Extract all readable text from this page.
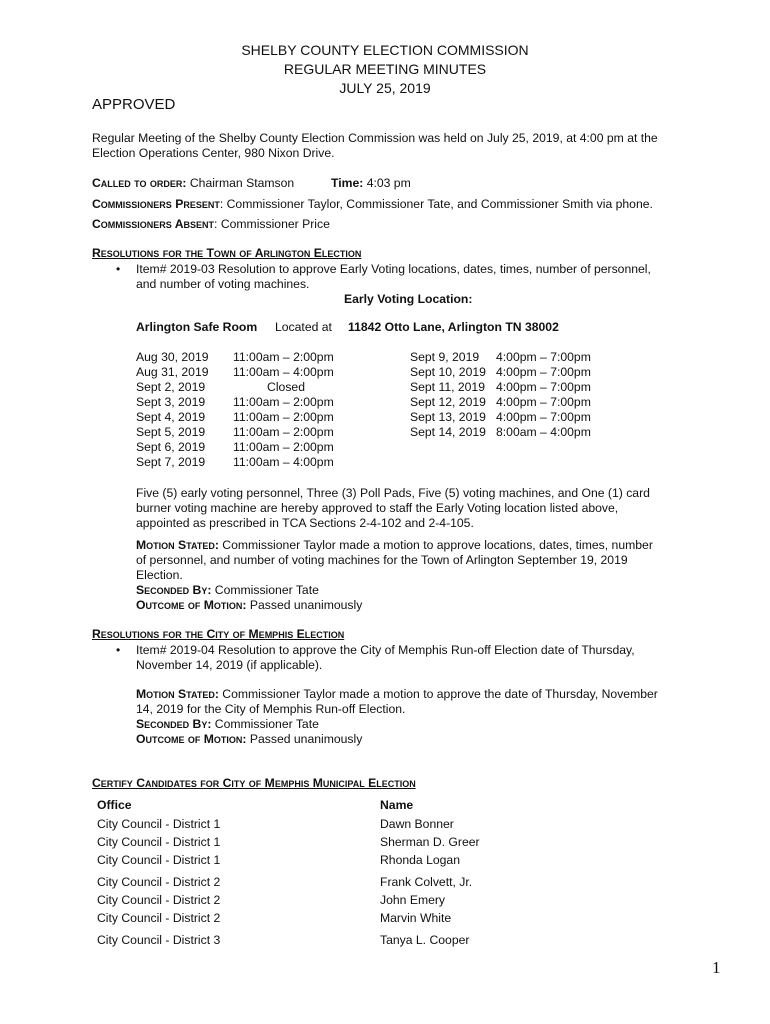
SHELBY COUNTY ELECTION COMMISSION
REGULAR MEETING MINUTES
JULY 25, 2019
APPROVED
Regular Meeting of the Shelby County Election Commission was held on July 25, 2019, at 4:00 pm at the
Election Operations Center, 980 Nixon Drive.
Called to order: Chairman Stamson	Time: 4:03 pm
Commissioners Present: Commissioner Taylor, Commissioner Tate, and Commissioner Smith via phone.
Commissioners Absent: Commissioner Price
Resolutions for the Town of Arlington Election
• Item# 2019-03 Resolution to approve Early Voting locations, dates, times, number of personnel,
and number of voting machines.
Early Voting Location:
Arlington Safe Room Located at 11842 Otto Lane, Arlington TN 38002
Aug 30, 2019 11:00am – 2:00pm
Aug 31, 2019 11:00am – 4:00pm
Sept 2, 2019	Closed
Sept 3, 2019 11:00am – 2:00pm
Sept 4, 2019 11:00am – 2:00pm
Sept 5, 2019 11:00am – 2:00pm
Sept 6, 2019 11:00am – 2:00pm
Sept 7, 2019 11:00am – 4:00pm
Sept 9, 2019 4:00pm – 7:00pm
Sept 10, 2019 4:00pm – 7:00pm
Sept 11, 2019 4:00pm – 7:00pm
Sept 12, 2019 4:00pm – 7:00pm
Sept 13, 2019 4:00pm – 7:00pm
Sept 14, 2019 8:00am – 4:00pm
Five (5) early voting personnel, Three (3) Poll Pads, Five (5) voting machines, and One (1) card
burner voting machine are hereby approved to staff the Early Voting location listed above,
appointed as prescribed in TCA Sections 2-4-102 and 2-4-105.
Motion Stated: Commissioner Taylor made a motion to approve locations, dates, times, number
of personnel, and number of voting machines for the Town of Arlington September 19, 2019
Election.
Seconded By: Commissioner Tate
Outcome of Motion: Passed unanimously
Resolutions for the City of Memphis Election
• Item# 2019-04 Resolution to approve the City of Memphis Run-off Election date of Thursday,
November 14, 2019 (if applicable).
Motion Stated: Commissioner Taylor made a motion to approve the date of Thursday, November
14, 2019 for the City of Memphis Run-off Election.
Seconded By: Commissioner Tate
Outcome of Motion: Passed unanimously
Certify Candidates for City of Memphis Municipal Election
Office	Name
City Council - District 1	Dawn Bonner
City Council - District 1	Sherman D. Greer
City Council - District 1	Rhonda Logan
City Council - District 2	Frank Colvett, Jr.
City Council - District 2	John Emery
City Council - District 2	Marvin White
City Council - District 3	Tanya L. Cooper
1
